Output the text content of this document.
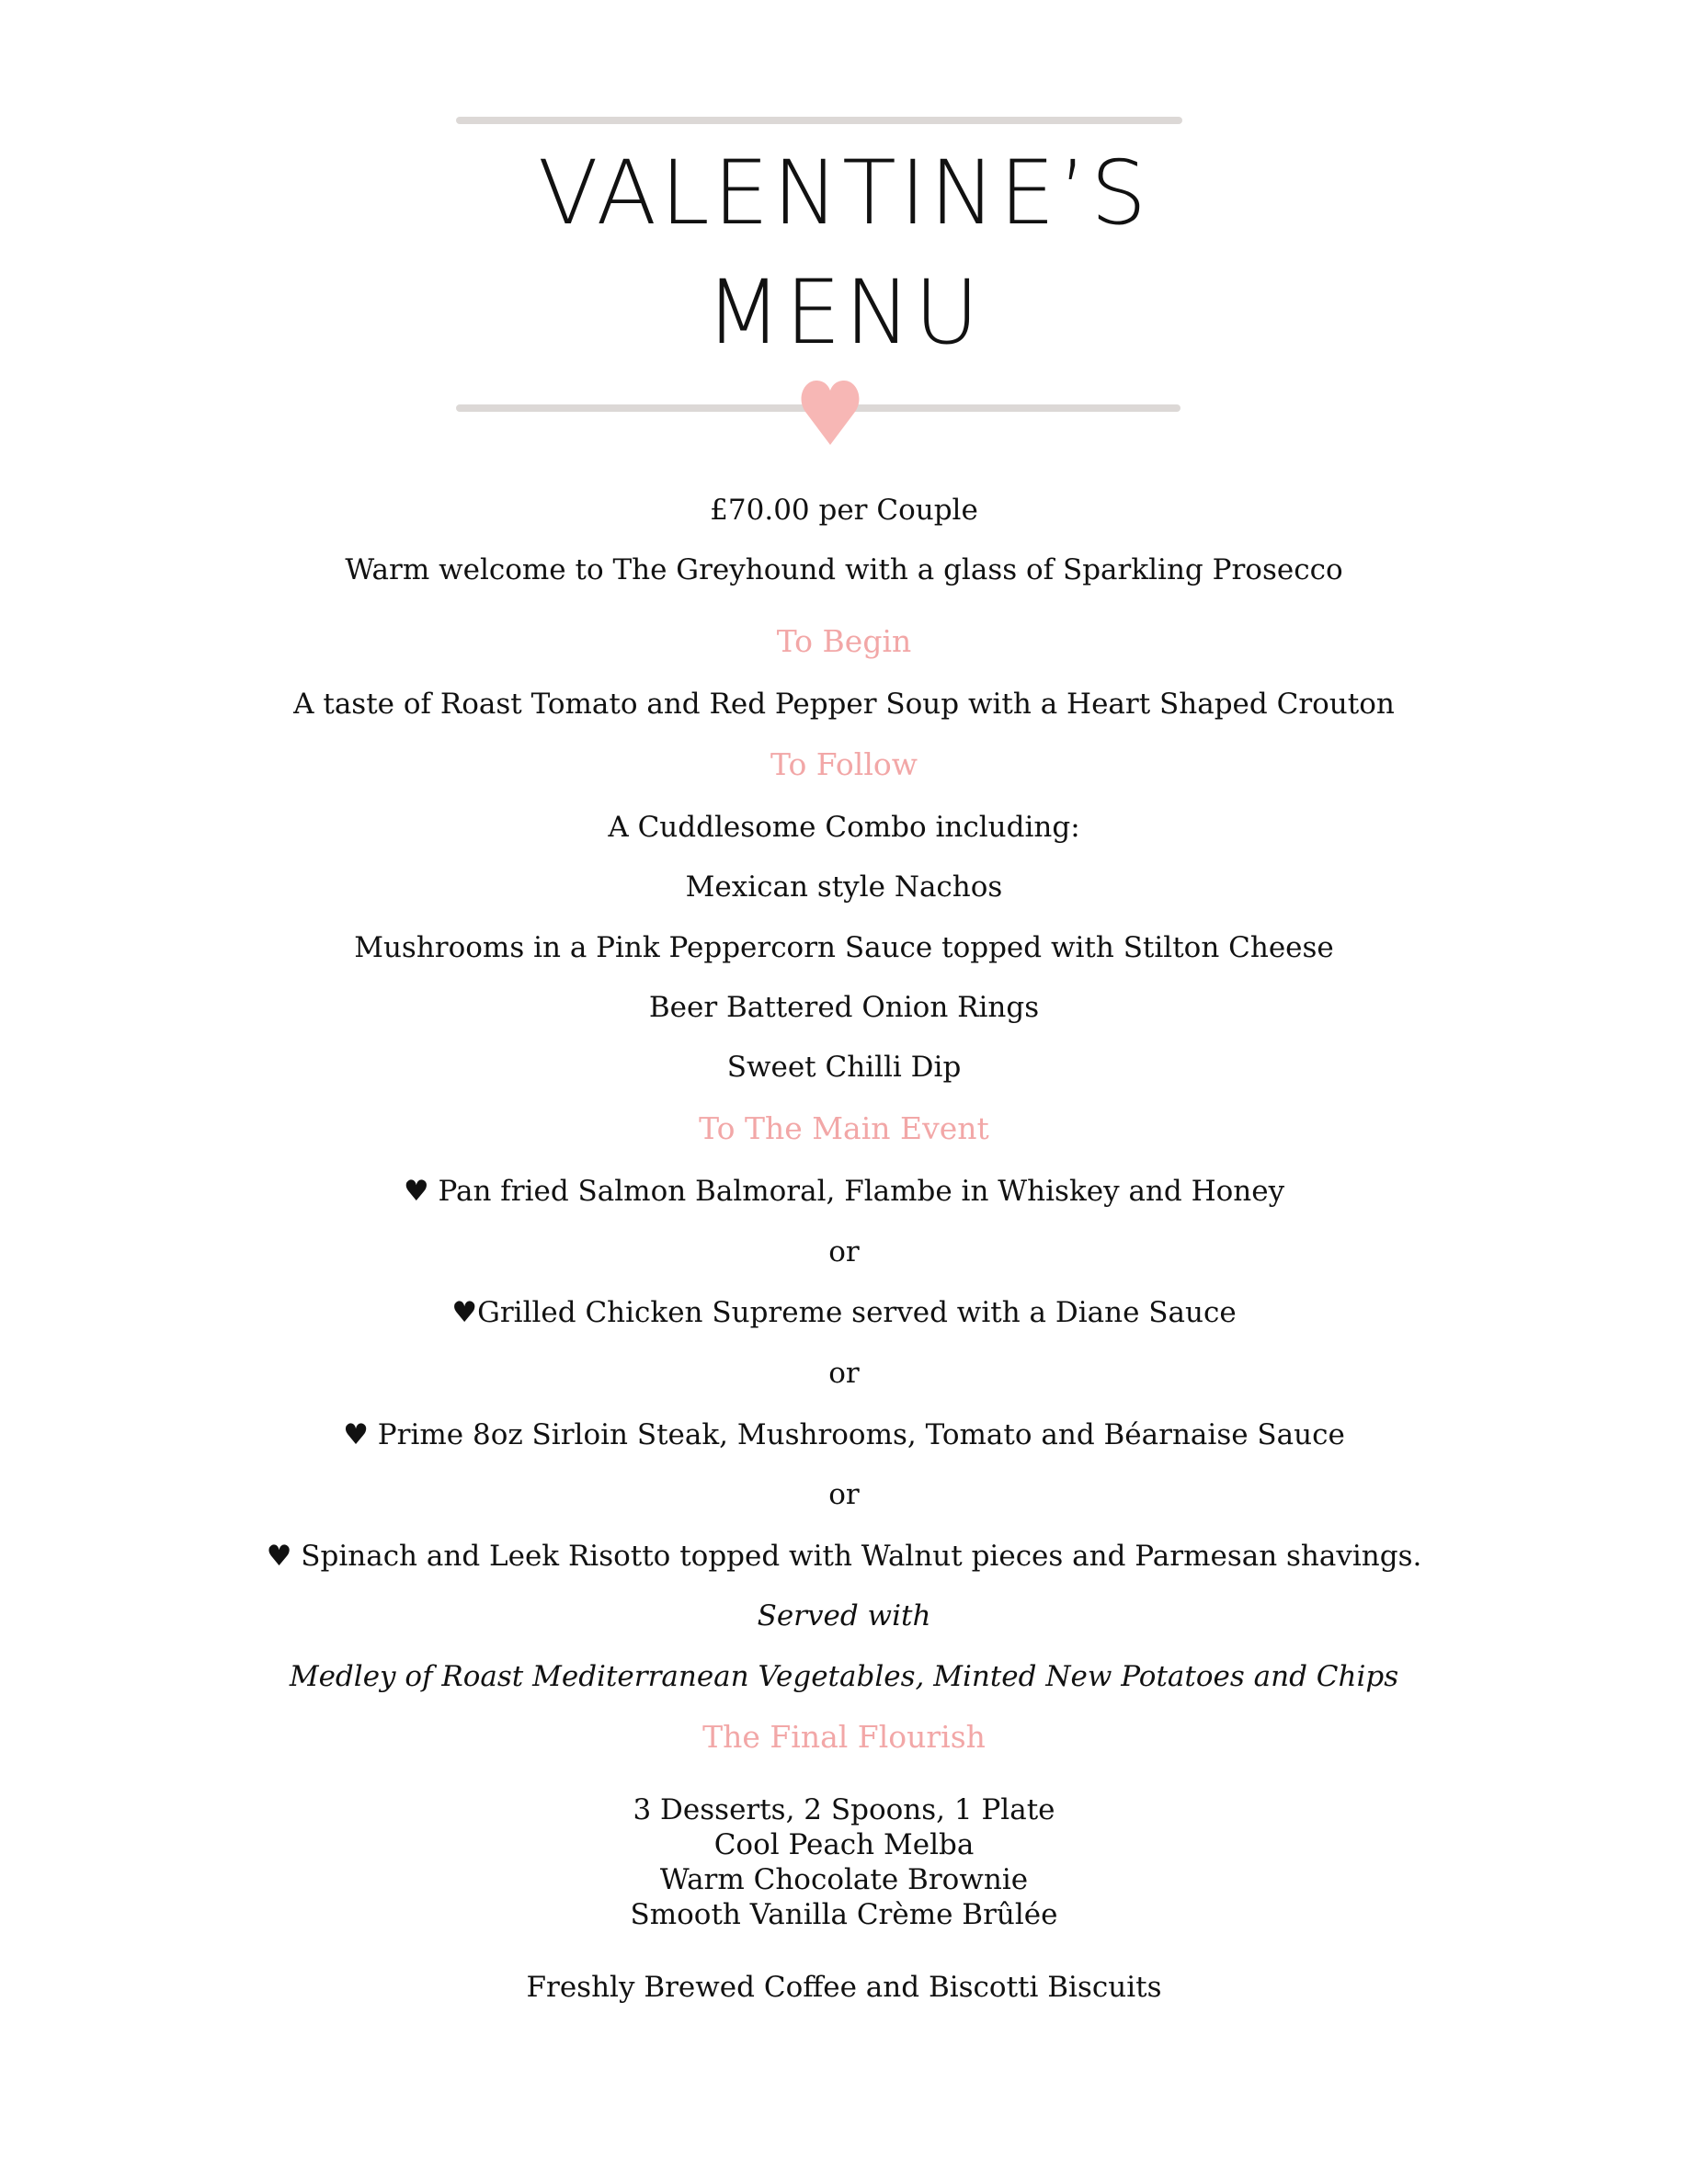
VALENTINE’S
MENU
£70.00 per Couple
Warm welcome to The Greyhound with a glass of Sparkling Prosecco
To Begin
A taste of Roast Tomato and Red Pepper Soup with a Heart Shaped Crouton
To Follow
A Cuddlesome Combo including:
Mexican style Nachos
Mushrooms in a Pink Peppercorn Sauce topped with Stilton Cheese
Beer Battered Onion Rings
Sweet Chilli Dip
To The Main Event
♥ Pan fried Salmon Balmoral, Flambe in Whiskey and Honey
or
♥Grilled Chicken Supreme served with a Diane Sauce
or
♥ Prime 8oz Sirloin Steak, Mushrooms, Tomato and Béarnaise Sauce
or
♥ Spinach and Leek Risotto topped with Walnut pieces and Parmesan shavings.
Served with
Medley of Roast Mediterranean Vegetables, Minted New Potatoes and Chips
The Final Flourish
3 Desserts, 2 Spoons, 1 Plate
Cool Peach Melba
Warm Chocolate Brownie
Smooth Vanilla Crème Brûlée
Freshly Brewed Coffee and Biscotti Biscuits
